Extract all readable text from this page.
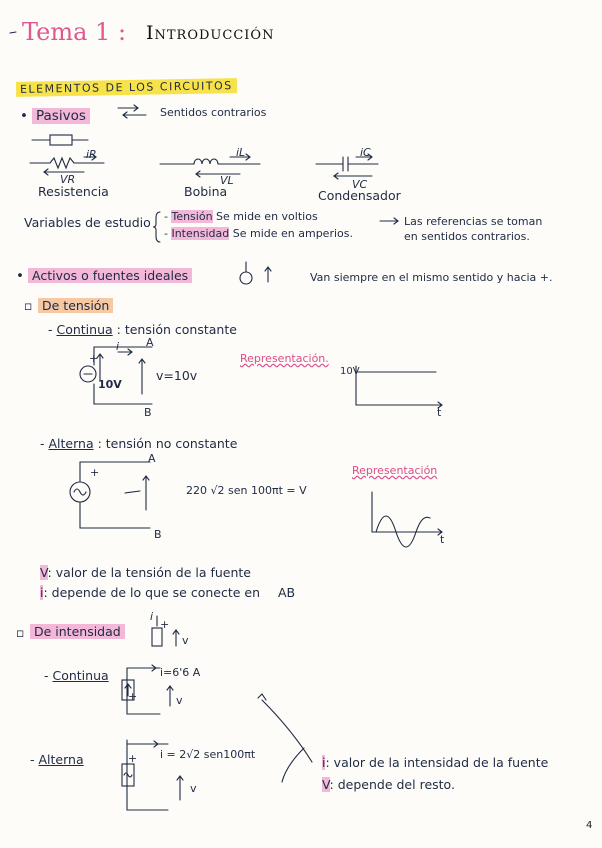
Tema 1 : Introducción
ELEMENTOS DE LOS CIRCUITOS
• Pasivos	Sentidos contrarios
iR
VR
Resistencia
iL
VL
Bobina
iC
VC
Condensador
Variables de estudio - Tensión Se mide en voltios
- Intensidad Se mide en amperios.
Las referencias se toman
en sentidos contrarios.
• Activos o fuentes ideales	Van siempre en el mismo sentido y hacia +.
▫ De tensión
- Continua : tensión constante
+
i A
B
10V
v=10v
Representación.
10V
t
- Alterna : tensión no constante
A
B
+
220 √2 sen 100πt = V
Representación
t
V: valor de la tensión de la fuente
i: depende de lo que se conecte en AB
▫ De intensidad
i
+
v
- Continua	i=6'6 A
+	v
- Alterna	i = 2√2 sen100πt
+
v
i: valor de la intensidad de la fuente
V: depende del resto.
4
